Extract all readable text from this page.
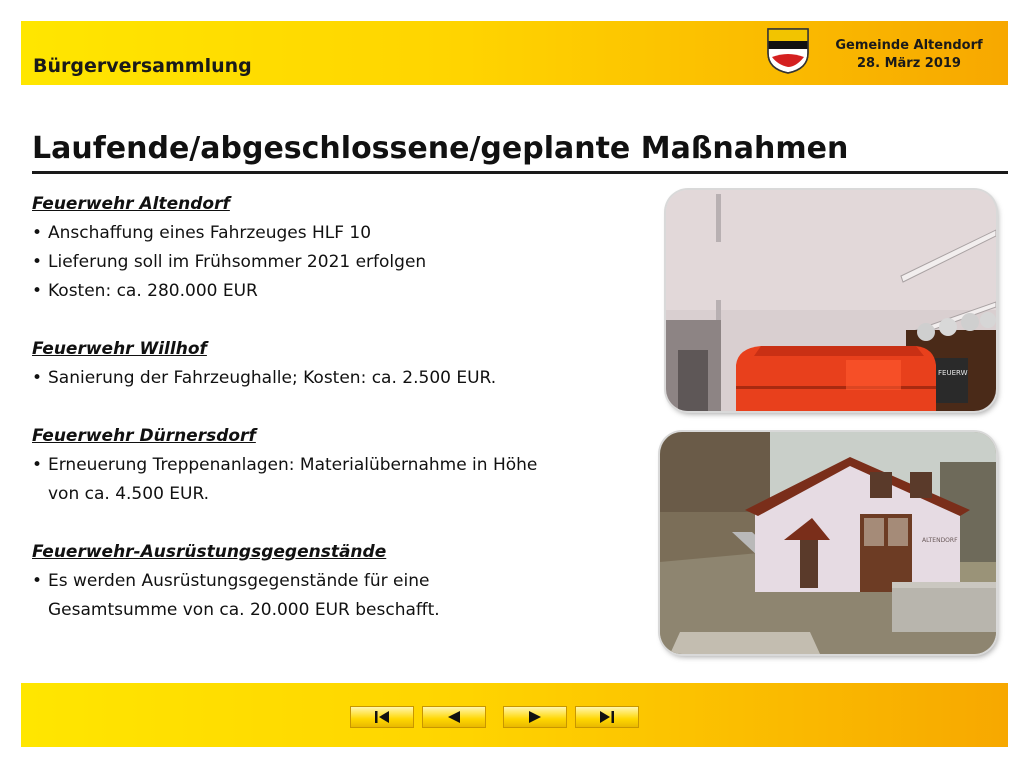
Bürgerversammlung
Gemeinde Altendorf
28. März 2019
Laufende/abgeschlossene/geplante Maßnahmen
Feuerwehr Altendorf
• Anschaffung eines Fahrzeuges HLF 10
• Lieferung soll im Frühsommer 2021 erfolgen
• Kosten: ca. 280.000 EUR
Feuerwehr Willhof
• Sanierung der Fahrzeughalle; Kosten: ca. 2.500 EUR.
Feuerwehr Dürnersdorf
• Erneuerung Treppenanlagen: Materialübernahme in Höhe
von ca. 4.500 EUR.
Feuerwehr-Ausrüstungsgegenstände
• Es werden Ausrüstungsgegenstände für eine
Gesamtsumme von ca. 20.000 EUR beschafft.
FEUERW
ALTENDORF
